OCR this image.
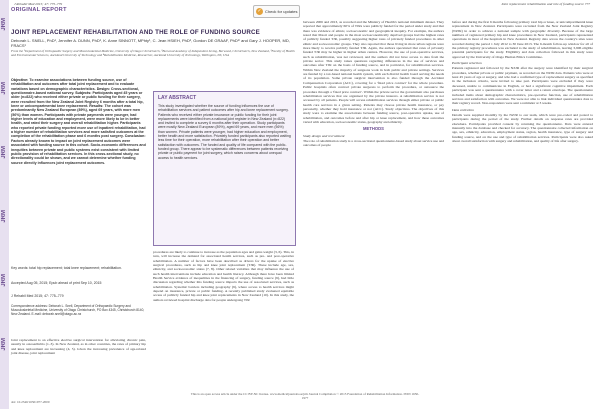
JRM
JRM
JRM
JRM
JRM
JRM
J Rehabil Med 2015; 47: 775–779	Joint replacement rehabilitation and role of funding source 777
ORIGINAL REPORT	✓ Check for updates
JOINT REPLACEMENT REHABILITATION AND THE ROLE OF FUNDING SOURCE
Deborah L. SNELL, PhD¹, Jennifer A. DUNN, PhD¹, K. Anne SINNOTT, MPhty¹, C. Jean HSIEH, PhD², Gordon DE GRAAF, PhD¹ʳ and Gary J. HOOPER, MD, FRACS¹
From the ¹Department of Orthopaedic Surgery and Musculoskeletal Medicine, University of Otago Christchurch, ²Burwood Academy of Independent Living, Burwood, Christchurch, New Zealand, ³Faculty of Health and Environmental Sciences, Auckland University of Technology and ⁴Rehabilitation Medicine, Researcher, Auckland University of Technology, Wellington, NZ, USA
Objective: To examine associations between funding source, use of rehabilitation and outcomes after total joint replacement and to evaluate variations based on demographic characteristics. Design: Cross-sectional, questionnaire-based national survey. Subjects: Participants aged 45 years or older (n=822) who received either private or public funding for their surgery, were recruited from the New Zealand Joint Registry 6 months after a total hip, knee or unicompartmental knee replacement. Results: The cohort was predominantly New Zealand European (89%), aged 69 years, with more men (56%) than women. Participants with private payments were younger, had higher levels of education and employment, were more likely to be in better health, and rated their surgery and overall rehabilitation higher. Participants who reported private funding reported more use of inpatient rehabilitation, had a higher number of rehabilitation services and more satisfied outcomes at the completion of the rehabilitation phase and 6 months post surgery. Conclusion: Factors already known to impact on joint replacement outcomes were associated with funding source in this cohort. Socio-economic differences and inequities between private and public systems exist consistent with limited public provision of rehabilitation services. In this cross-sectional study, no directionality could be shown, and we cannot determine whether funding source directly influences joint replacement outcomes.
Key words: total hip replacement; total knee replacement; rehabilitation.
Accepted Aug 05, 2015; Epub ahead of print Sep 10, 2015
J Rehabil Med 2015; 47: 775–779
Correspondence address: Deborah L. Snell, Department of Orthopaedic Surgery and Musculoskeletal Medicine, University of Otago Christchurch, PO Box 4345, Christchurch 8140, New Zealand. E-mail: deborah.snell@otago.ac.nz
LAY ABSTRACT
This study investigated whether the source of funding influences the use of rehabilitation services and patient outcomes after hip and knee replacement surgery. Patients who received either private insurance or public funding for their joint replacements were identified from a national joint register in New Zealand (n=822) and invited to complete a survey 6 months after their operation. Study participants were mostly New Zealand European (89%), aged 69 years, and more men (56%) than women. Private patients were younger, had higher education and employment, better health and more satisfaction. Privately funded participants also reported waiting less time for their operation, more rehabilitation after their operation and better satisfaction with outcomes. The funded and quality of life compared with the public-funded group. There appear to be systematic differences between patients receiving private or public payment for joint surgery, which raises concerns about unequal access to health services.
Joint replacement is an effective elective surgical intervention for alleviating chronic pain, usually in osteoarthritis (1–3). In New Zealand, as in other countries, the rates of primary hip and knee replacement are increasing (4, 5). Given the increasing prevalence of age-related joint disease, joint replacement
procedures are likely to continue to increase as the population ages and gains weight (3, 6). This, in turn, will increase the demand for associated health services, such as pre- and post-operative rehabilitation. A number of factors have been described as drivers for the uptake of elective surgical procedures, such as hip and knee joint replacement (TJR). These include age, sex, ethnicity, and socioeconomic status (7, 8). Other related variables that may influence the use of such health interventions include education and health literacy. Although there have been limited Health Service evidence of inequalities in the financing of surgery, funding source (9), had little discussion regarding whether this funding source impacts the use of associated services, such as rehabilitation. Systemic barriers including geography (9), where access to health services might depend on insurance, private or public funding. A recently published study evaluated equitable access of publicly funded hip and knee joint replacements in New Zealand (10). In this study, the authors reviewed hospital discharge data for people undergoing TJR
between 2006 and 2013, as recorded and the Ministry of Health's national minimum dataset. They reported that approximately 60% of TJRs were publicly funded for the period under study and that there was evidence of ethnic, socioeconomic and geographical inequity. For example, the authors noted that Maori and people in the most socioeconomically deprived groups had the highest rates of publicly funded TJR, possibly suggesting higher rates of privately funded procedures in other ethnic and socioeconomic groups. They also reported that those living in more urban regions were more likely to receive publicly funded TJR. Again, the authors speculated that rates of privately funded TJR may be higher in higher urban centres. However, the use of post-operative services, such as rehabilitation, was not reviewed, and the authors did not have access to data from the private sector. This study raises questions regarding differences in the use of services and outcomes after TJR on the basis of funding source, and in particular, for rehabilitation services. Within New Zealand the majority of surgeons work in both public and private settings. Services are funded by a tax-based national health system, with each district health board serving the needs of its population. Some private surgical intervention is also funded through the Accident Compensation Corporation (ACC), covering for a 'fixed price contract' for the whole procedure. Public hospitals often contract private surgeons to perform the procedure, or outsource the procedure through a 'fixed price contract'. Within the private sector the government also purchases rehabilitation services that are organised by the private insurers. A rehabilitation service is not accessed by all patients. People will access rehabilitation services through either private or public health care services in a given setting. Patients may choose private health insurance, or pay personally, whether they hold insurance or not (ACC). Study objectives. The objectives of this study were to examine the associations between funding source, post-operative uptake, use of rehabilitation, and outcomes before and after hip or knee replacement, and how these outcomes varied with education, socioeconomic status, geography and ethnicity.
METHODS
Study design and recruitment
The role of rehabilitation study is a cross-sectional questionnaire-based study about service use and outcomes of people
before and during the first 6 months following primary total hip or knee, or unicompartmental knee replacement in New Zealand. Participants were recruited from the New Zealand Joint Registry (NZJR) in order to achieve a national sample with geographic diversity. Because of the large numbers of registered primary hip and knee procedures in New Zealand, participants represented operations in most of the hospitals in New Zealand. Registry data across the country's sites were recorded during the period 1 July 2012 to 30 June 2013. The 6-month follow-up window for all of the primary registry procedures was excluded to the study of rehabilitation, leaving 3,906 eligible potential participants for the study. Eligibility and data collection followed in this study were approved by the University of Otago Human Ethics Committee.
Participant selection
Patients registered and followed by the NZJR after the surgery were identified by their surgical procedure, whether private or public payment, as recorded on the NZJR data. Patients who were at least 45 years of age at surgery, and who had a confirmed type of replacement surgery as specified in the inclusion criteria, were invited to take part. Participants were excluded if they were deceased, unable to communicate in English, or had a significant cognitive impairment. Each participant was sent a questionnaire with a cover letter and a return envelope. The questionnaire included items about demographic characteristics, pre-operative function, use of rehabilitation services and satisfaction with outcomes. We were not able to link individual questionnaire data to their registry record. Non-responders were sent a reminder at 3 weeks.
Data collection
Details were supplied monthly by the NZJR to our team, which were pre-coded and posted to participants during the period of the study. Further details on response rates are provided elsewhere. Participants provided consent by returning the questionnaire. Data were entered manually into the database and checked for accuracy. The questionnaire collected information on age, sex, ethnicity, education, employment status, region, health insurance, type of surgery and funding source, and on the use and type of rehabilitation services. Participants were also asked about overall satisfaction with surgery and rehabilitation, and quality of life after surgery.
This is an open access article under the CC BY-NC license. www.medicaljournals.se/jrm Journal Compilation © 2015 Foundation of Rehabilitation Information. ISSN 1650-1977
doi: 10.2340/16501977-2000
